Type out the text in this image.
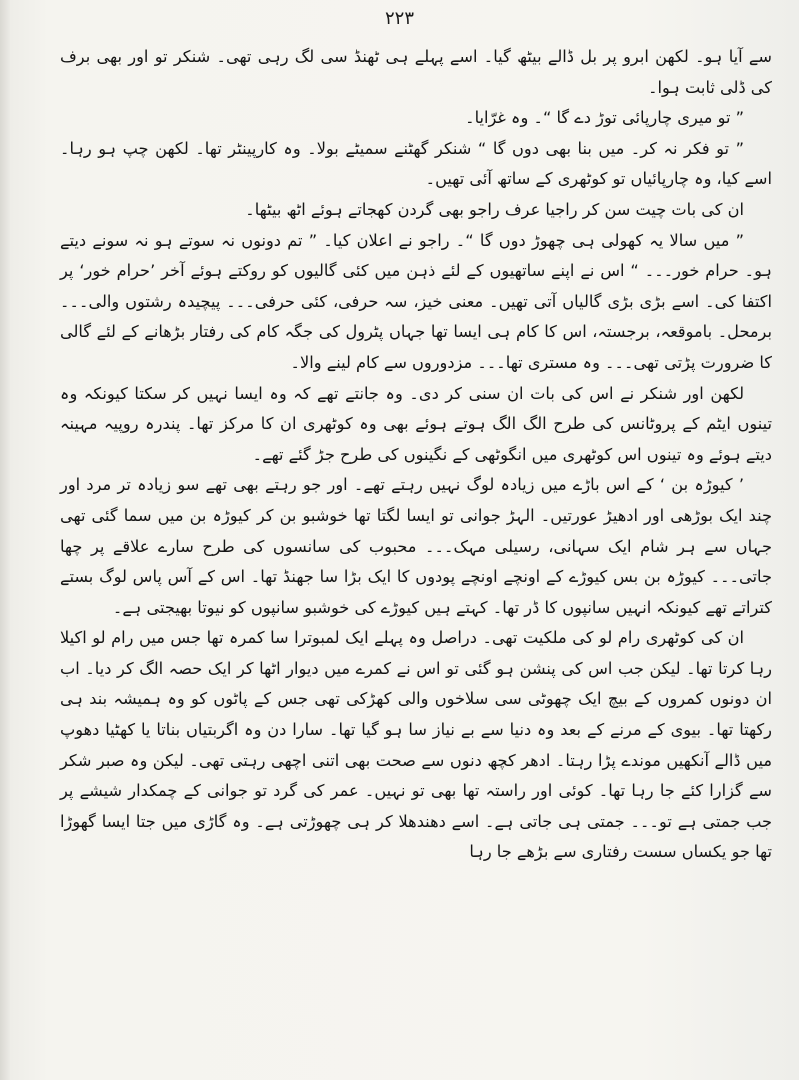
۲۲۳

سے آیا ہو۔ لکھن ابرو پر بل ڈالے بیٹھ گیا۔ اسے پہلے ہی ٹھنڈ سی لگ رہی تھی۔ شنکر تو اور بھی برف کی ڈلی ثابت ہوا۔

” تو میری چارپائی توڑ دے گا “۔ وہ غرّایا۔

” تو فکر نہ کر۔ میں بنا بھی دوں گا “ شنکر گھٹنے سمیٹے بولا۔ وہ کارپینٹر تھا۔ لکھن چپ ہو رہا۔ اسے کیا، وہ چارپائیاں تو کوٹھری کے ساتھ آئی تھیں۔

ان کی بات چیت سن کر راجیا عرف راجو بھی گردن کھجاتے ہوئے اٹھ بیٹھا۔

” میں سالا یہ کھولی ہی چھوڑ دوں گا “۔ راجو نے اعلان کیا۔ ” تم دونوں نہ سوتے ہو نہ سونے دیتے ہو۔ حرام خور۔۔۔ “ اس نے اپنے ساتھیوں کے لئے ذہن میں کئی گالیوں کو روکتے ہوئے آخر ’حرام خور‘ پر اکتفا کی۔ اسے بڑی بڑی گالیاں آتی تھیں۔ معنی خیز، سہ حرفی، کئی حرفی۔۔۔ پیچیدہ رشتوں والی۔۔۔ برمحل۔ باموقعہ، برجستہ، اس کا کام ہی ایسا تھا جہاں پٹرول کی جگہ کام کی رفتار بڑھانے کے لئے گالی کا ضرورت پڑتی تھی۔۔۔ وہ مستری تھا۔۔۔ مزدوروں سے کام لینے والا۔

لکھن اور شنکر نے اس کی بات ان سنی کر دی۔ وہ جانتے تھے کہ وہ ایسا نہیں کر سکتا کیونکہ وہ تینوں ایٹم کے پروٹانس کی طرح الگ الگ ہوتے ہوئے بھی وہ کوٹھری ان کا مرکز تھا۔ پندرہ روپیہ مہینہ دیتے ہوئے وہ تینوں اس کوٹھری میں انگوٹھی کے نگینوں کی طرح جڑ گئے تھے۔

’ کیوڑہ بن ‘ کے اس باڑے میں زیادہ لوگ نہیں رہتے تھے۔ اور جو رہتے بھی تھے سو زیادہ تر مرد اور چند ایک بوڑھی اور ادھیڑ عورتیں۔ الہڑ جوانی تو ایسا لگتا تھا خوشبو بن کر کیوڑہ بن میں سما گئی تھی جہاں سے ہر شام ایک سہانی، رسیلی مہک۔۔۔ محبوب کی سانسوں کی طرح سارے علاقے پر چھا جاتی۔۔۔ کیوڑہ بن بس کیوڑے کے اونچے اونچے پودوں کا ایک بڑا سا جھنڈ تھا۔ اس کے آس پاس لوگ بستے کتراتے تھے کیونکہ انہیں سانپوں کا ڈر تھا۔ کہتے ہیں کیوڑے کی خوشبو سانپوں کو نیوتا بھیجتی ہے۔

ان کی کوٹھری رام لو کی ملکیت تھی۔ دراصل وہ پہلے ایک لمبوترا سا کمرہ تھا جس میں رام لو اکیلا رہا کرتا تھا۔ لیکن جب اس کی پنشن ہو گئی تو اس نے کمرے میں دیوار اٹھا کر ایک حصہ الگ کر دیا۔ اب ان دونوں کمروں کے بیچ ایک چھوٹی سی سلاخوں والی کھڑکی تھی جس کے پاٹوں کو وہ ہمیشہ بند ہی رکھتا تھا۔ بیوی کے مرنے کے بعد وہ دنیا سے بے نیاز سا ہو گیا تھا۔ سارا دن وہ اگربتیاں بناتا یا کھٹیا دھوپ میں ڈالے آنکھیں موندے پڑا رہتا۔ ادھر کچھ دنوں سے صحت بھی اتنی اچھی رہتی تھی۔ لیکن وہ صبر شکر سے گزارا کئے جا رہا تھا۔ کوئی اور راستہ تھا بھی تو نہیں۔ عمر کی گرد تو جوانی کے چمکدار شیشے پر جب جمتی ہے تو۔۔۔ جمتی ہی جاتی ہے۔ اسے دھندھلا کر ہی چھوڑتی ہے۔ وہ گاڑی میں جتا ایسا گھوڑا تھا جو یکساں سست رفتاری سے بڑھے جا رہا
